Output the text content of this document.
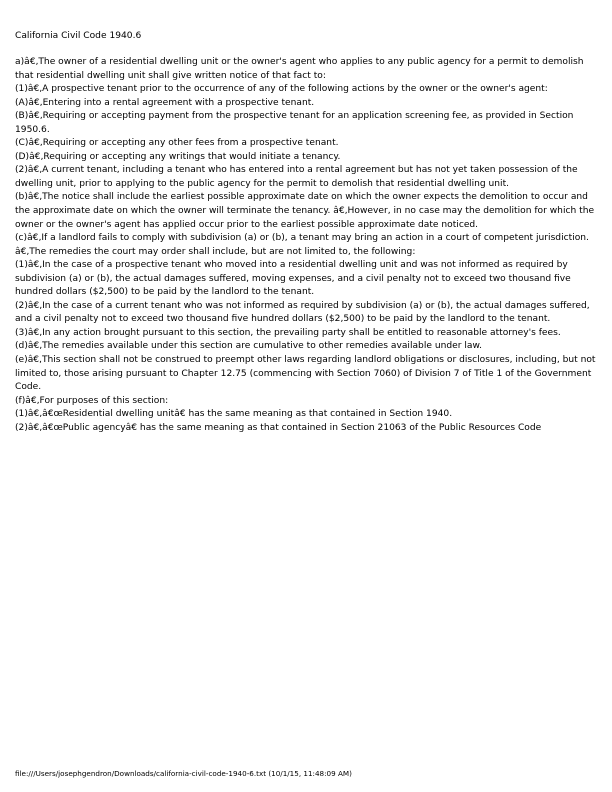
California Civil Code 1940.6

a)â€‚The owner of a residential dwelling unit or the owner's agent who applies to any public agency for a permit to demolish that residential dwelling unit shall give written notice of that fact to:

(1)â€‚A prospective tenant prior to the occurrence of any of the following actions by the owner or the owner's agent:

(A)â€‚Entering into a rental agreement with a prospective tenant.

(B)â€‚Requiring or accepting payment from the prospective tenant for an application screening fee, as provided in Section 1950.6.

(C)â€‚Requiring or accepting any other fees from a prospective tenant.

(D)â€‚Requiring or accepting any writings that would initiate a tenancy.

(2)â€‚A current tenant, including a tenant who has entered into a rental agreement but has not yet taken possession of the dwelling unit, prior to applying to the public agency for the permit to demolish that residential dwelling unit.

(b)â€‚The notice shall include the earliest possible approximate date on which the owner expects the demolition to occur and the approximate date on which the owner will terminate the tenancy. â€‚However, in no case may the demolition for which the owner or the owner's agent has applied occur prior to the earliest possible approximate date noticed.

(c)â€‚If a landlord fails to comply with subdivision (a) or (b), a tenant may bring an action in a court of competent jurisdiction. â€‚The remedies the court may order shall include, but are not limited to, the following:

(1)â€‚In the case of a prospective tenant who moved into a residential dwelling unit and was not informed as required by subdivision (a) or (b), the actual damages suffered, moving expenses, and a civil penalty not to exceed two thousand five hundred dollars ($2,500) to be paid by the landlord to the tenant.

(2)â€‚In the case of a current tenant who was not informed as required by subdivision (a) or (b), the actual damages suffered, and a civil penalty not to exceed two thousand five hundred dollars ($2,500) to be paid by the landlord to the tenant.

(3)â€‚In any action brought pursuant to this section, the prevailing party shall be entitled to reasonable attorney's fees.

(d)â€‚The remedies available under this section are cumulative to other remedies available under law.

(e)â€‚This section shall not be construed to preempt other laws regarding landlord obligations or disclosures, including, but not limited to, those arising pursuant to Chapter 12.75 (commencing with Section 7060) of Division 7 of Title 1 of the Government Code.

(f)â€‚For purposes of this section:

(1)â€‚â€œResidential dwelling unitâ€ has the same meaning as that contained in Section 1940.

(2)â€‚â€œPublic agencyâ€ has the same meaning as that contained in Section 21063 of the Public Resources Code

file:///Users/josephgendron/Downloads/california-civil-code-1940-6.txt (10/1/15, 11:48:09 AM)
